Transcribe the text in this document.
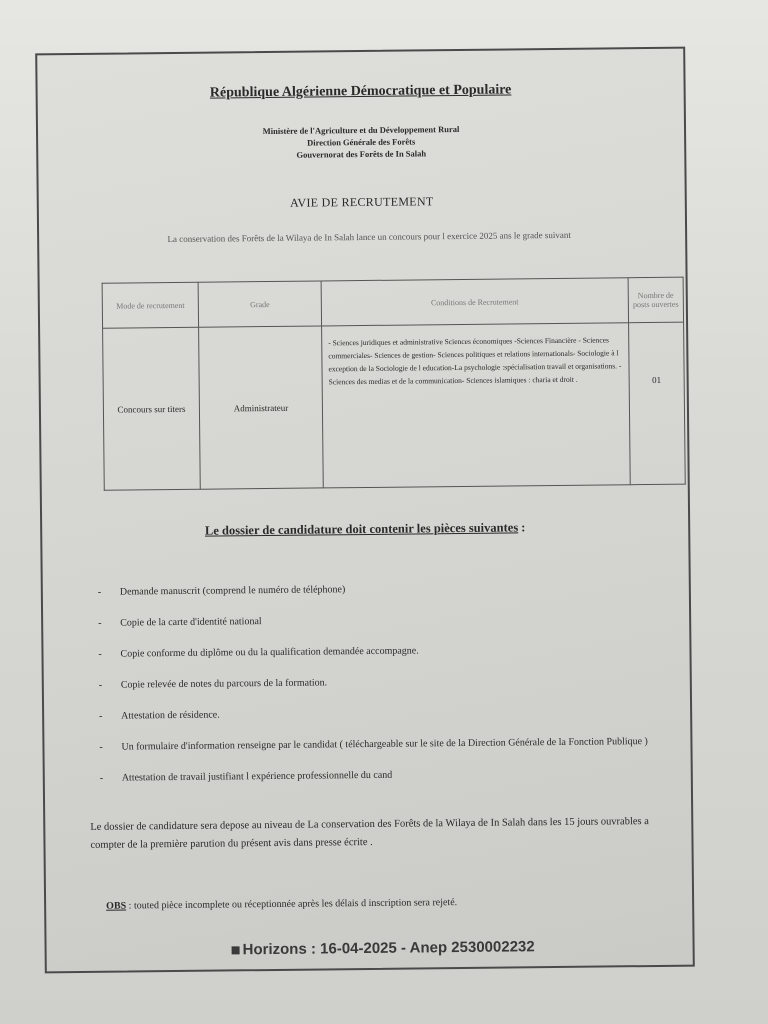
République Algérienne Démocratique et Populaire
Ministère de l'Agriculture et du Développement Rural
Direction Générale des Forêts
Gouvernorat des Forêts de In Salah
AVIE DE RECRUTEMENT
La conservation des Forêts de la Wilaya de In Salah lance un concours pour l exercice 2025 ans le grade suivant
Mode de recrutement	Grade	Conditions de Recrutement	Nombre de posts ouvertes
Concours sur titers	Administrateur	- Sciences juridiques et administrative Sciences économiques -Sciences Financière - Sciences commerciales- Sciences de gestion- Sciences politiques et relations internationals- Sociologie à l exception de la Sociologie de l education-La psychologie :spécialisation travail et organisations. - Sciences des medias et de la communication- Sciences islamiques : charia et droit .	01
Le dossier de candidature doit contenir les pièces suivantes :
- Demande manuscrit (comprend le numéro de téléphone)
- Copie de la carte d'identité national
- Copie conforme du diplôme ou du la qualification demandée accompagne.
- Copie relevée de notes du parcours de la formation.
- Attestation de résidence.
- Un formulaire d'information renseigne par le candidat ( téléchargeable sur le site de la Direction Générale de la Fonction Publique )
- Attestation de travail justifiant l expérience professionnelle du cand
Le dossier de candidature sera depose au niveau de La conservation des Forêts de la Wilaya de In Salah dans les 15 jours ouvrables a compter de la première parution du présent avis dans presse écrite .
OBS : touted pièce incomplete ou réceptionnée après les délais d inscription sera rejeté.
Horizons : 16-04-2025 - Anep 2530002232
